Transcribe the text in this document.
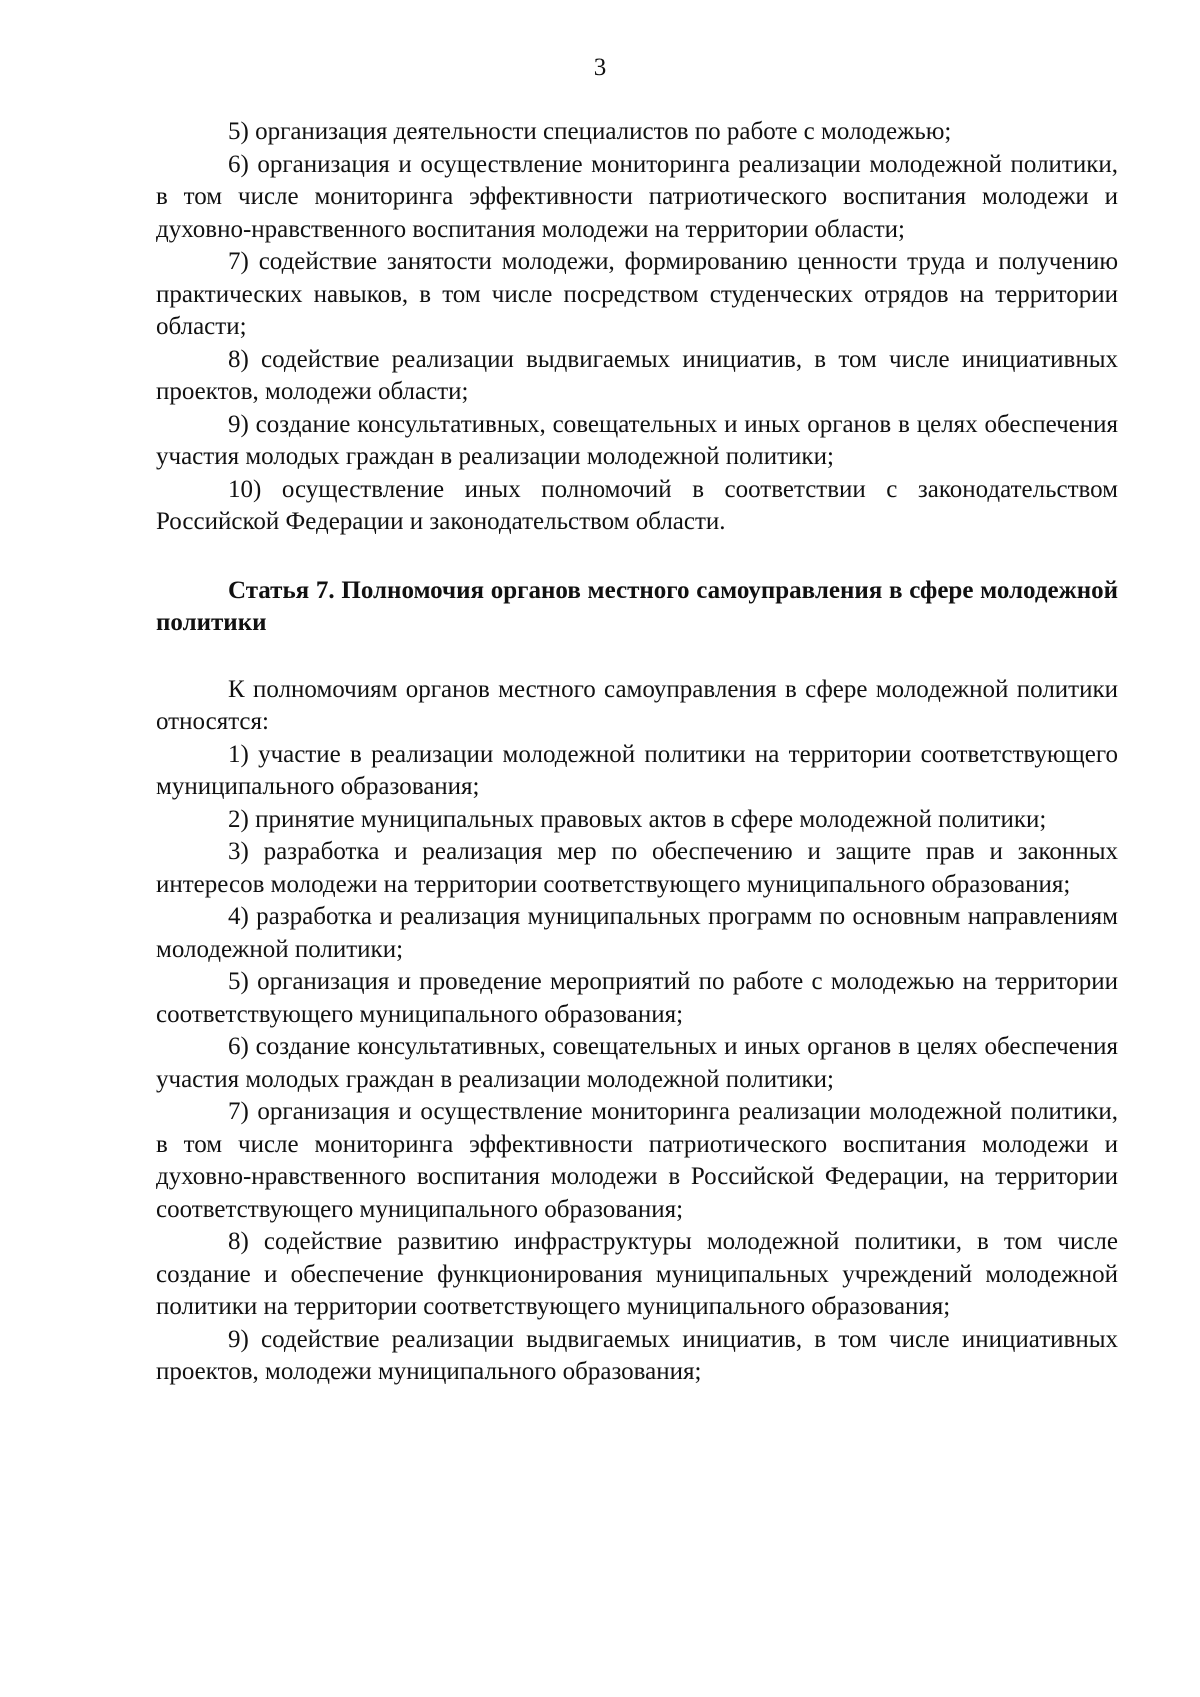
3

5) организация деятельности специалистов по работе с молодежью;

6) организация и осуществление мониторинга реализации молодежной политики, в том числе мониторинга эффективности патриотического воспитания молодежи и духовно-нравственного воспитания молодежи на территории области;

7) содействие занятости молодежи, формированию ценности труда и получению практических навыков, в том числе посредством студенческих отрядов на территории области;

8) содействие реализации выдвигаемых инициатив, в том числе инициативных проектов, молодежи области;

9) создание консультативных, совещательных и иных органов в целях обеспечения участия молодых граждан в реализации молодежной политики;

10) осуществление иных полномочий в соответствии с законодательством Российской Федерации и законодательством области.

Статья 7. Полномочия органов местного самоуправления в сфере молодежной политики

К полномочиям органов местного самоуправления в сфере молодежной политики относятся:

1) участие в реализации молодежной политики на территории соответствующего муниципального образования;

2) принятие муниципальных правовых актов в сфере молодежной политики;

3) разработка и реализация мер по обеспечению и защите прав и законных интересов молодежи на территории соответствующего муниципального образования;

4) разработка и реализация муниципальных программ по основным направлениям молодежной политики;

5) организация и проведение мероприятий по работе с молодежью на территории соответствующего муниципального образования;

6) создание консультативных, совещательных и иных органов в целях обеспечения участия молодых граждан в реализации молодежной политики;

7) организация и осуществление мониторинга реализации молодежной политики, в том числе мониторинга эффективности патриотического воспитания молодежи и духовно-нравственного воспитания молодежи в Российской Федерации, на территории соответствующего муниципального образования;

8) содействие развитию инфраструктуры молодежной политики, в том числе создание и обеспечение функционирования муниципальных учреждений молодежной политики на территории соответствующего муниципального образования;

9) содействие реализации выдвигаемых инициатив, в том числе инициативных проектов, молодежи муниципального образования;
